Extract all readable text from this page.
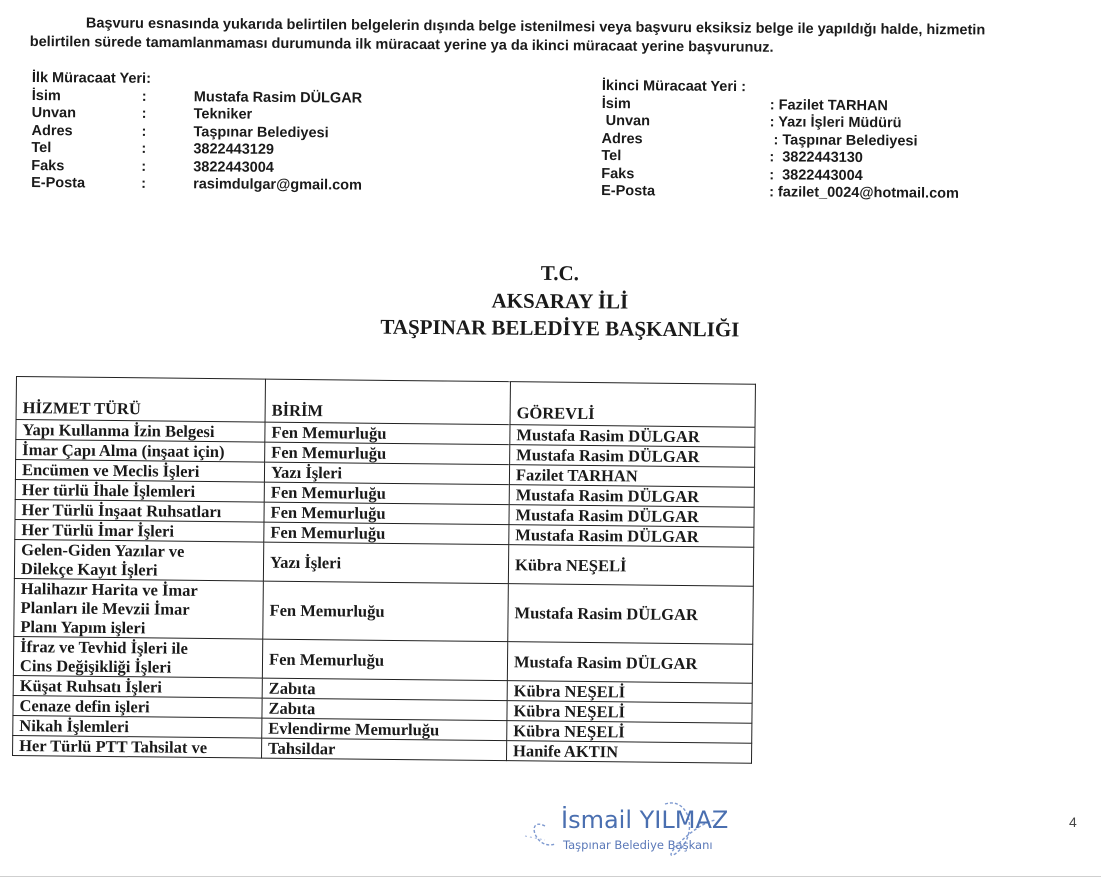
Başvuru esnasında yukarıda belirtilen belgelerin dışında belge istenilmesi veya başvuru eksiksiz belge ile yapıldığı halde, hizmetin
belirtilen sürede tamamlanmaması durumunda ilk müracaat yerine ya da ikinci müracaat yerine başvurunuz.
İlk Müracaat Yeri:
İsim	:	Mustafa Rasim DÜLGAR
Unvan	:	Tekniker
Adres	:	Taşpınar Belediyesi
Tel	:	3822443129
Faks	:	3822443004
E-Posta	:	rasimdulgar@gmail.com
İkinci Müracaat Yeri :
İsim	: Fazilet TARHAN
Unvan	: Yazı İşleri Müdürü
Adres	: Taşpınar Belediyesi
Tel	:  3822443130
Faks	:  3822443004
E-Posta	: fazilet_0024@hotmail.com
T.C.
AKSARAY İLİ
TAŞPINAR BELEDİYE BAŞKANLIĞI
HİZMET TÜRÜ	BİRİM	GÖREVLİ
Yapı Kullanma İzin Belgesi	Fen Memurluğu	Mustafa Rasim DÜLGAR
İmar Çapı Alma (inşaat için)	Fen Memurluğu	Mustafa Rasim DÜLGAR
Encümen ve Meclis İşleri	Yazı İşleri	Fazilet TARHAN
Her türlü İhale İşlemleri	Fen Memurluğu	Mustafa Rasim DÜLGAR
Her Türlü İnşaat Ruhsatları	Fen Memurluğu	Mustafa Rasim DÜLGAR
Her Türlü İmar İşleri	Fen Memurluğu	Mustafa Rasim DÜLGAR
Gelen-Giden Yazılar ve
Dilekçe Kayıt İşleri	Yazı İşleri	Kübra NEŞELİ
Halihazır Harita ve İmar
Planları ile Mevzii İmar
Planı Yapım işleri	Fen Memurluğu	Mustafa Rasim DÜLGAR
İfraz ve Tevhid İşleri ile
Cins Değişikliği İşleri	Fen Memurluğu	Mustafa Rasim DÜLGAR
Küşat Ruhsatı İşleri	Zabıta	Kübra NEŞELİ
Cenaze defin işleri	Zabıta	Kübra NEŞELİ
Nikah İşlemleri	Evlendirme Memurluğu	Kübra NEŞELİ
Her Türlü PTT Tahsilat ve	Tahsildar	Hanife AKTIN
İsmail YILMAZ
Taşpınar Belediye Başkanı
4
